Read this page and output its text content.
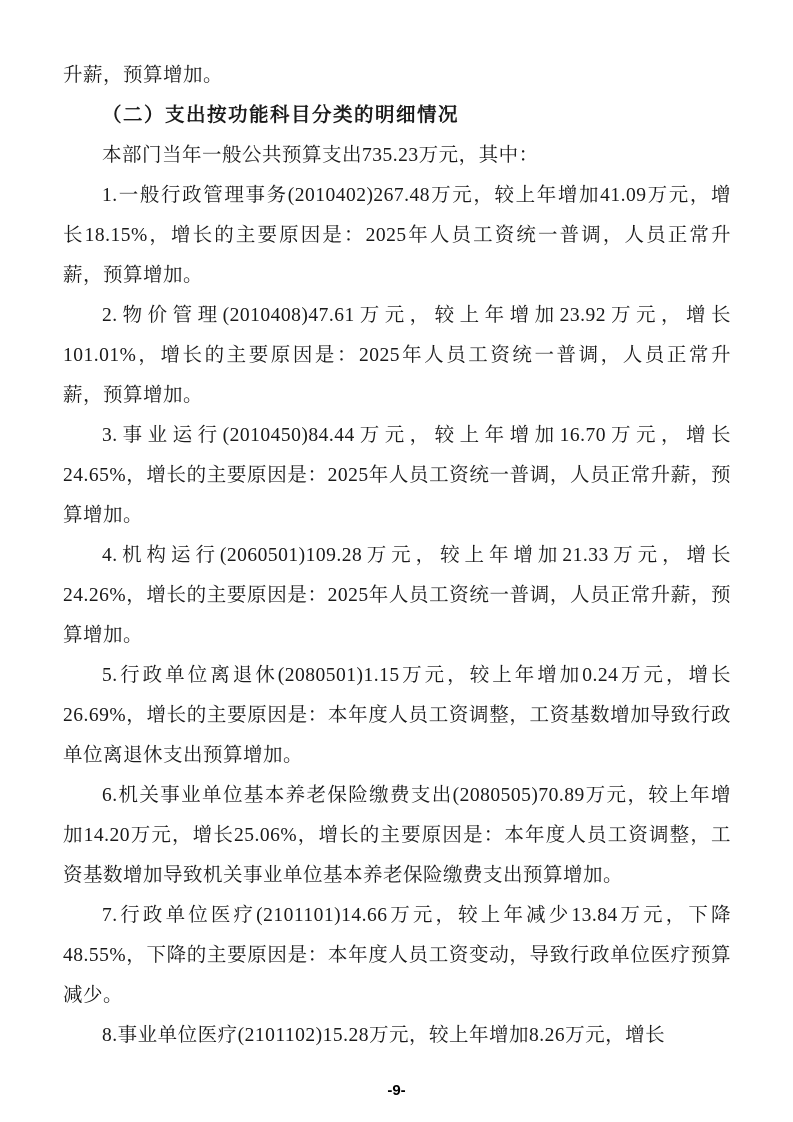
升薪，预算增加。
（二）支出按功能科目分类的明细情况
本部门当年一般公共预算支出735.23万元，其中：
1.一般行政管理事务(2010402)267.48万元，较上年增加41.09万元，增
长18.15%，增长的主要原因是：2025年人员工资统一普调，人员正常升
薪，预算增加。
2.物价管理(2010408)47.61万元，较上年增加23.92万元，增长
101.01%，增长的主要原因是：2025年人员工资统一普调，人员正常升
薪，预算增加。
3.事业运行(2010450)84.44万元，较上年增加16.70万元，增长
24.65%，增长的主要原因是：2025年人员工资统一普调，人员正常升薪，预
算增加。
4.机构运行(2060501)109.28万元，较上年增加21.33万元，增长
24.26%，增长的主要原因是：2025年人员工资统一普调，人员正常升薪，预
算增加。
5.行政单位离退休(2080501)1.15万元，较上年增加0.24万元，增长
26.69%，增长的主要原因是：本年度人员工资调整，工资基数增加导致行政
单位离退休支出预算增加。
6.机关事业单位基本养老保险缴费支出(2080505)70.89万元，较上年增
加14.20万元，增长25.06%，增长的主要原因是：本年度人员工资调整，工
资基数增加导致机关事业单位基本养老保险缴费支出预算增加。
7.行政单位医疗(2101101)14.66万元，较上年减少13.84万元，下降
48.55%，下降的主要原因是：本年度人员工资变动，导致行政单位医疗预算
减少。
8.事业单位医疗(2101102)15.28万元，较上年增加8.26万元，增长
-9-
